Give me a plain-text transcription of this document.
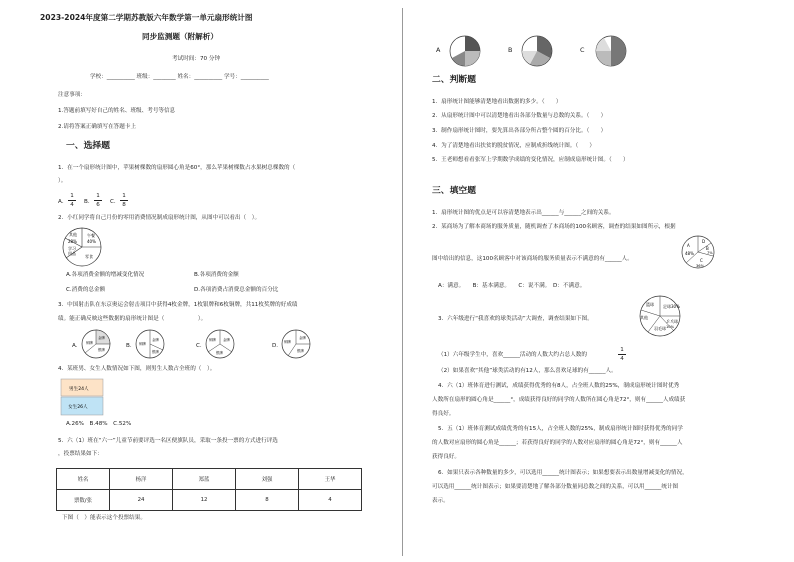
2023-2024年度第二学期苏教版六年数学第一单元扇形统计图
同步监测题（附解析）
考试时间：70 分钟
学校：__________ 班级：________ 姓名：__________ 学号：__________
注意事项：
1.答题前填写好自己的姓名、班级、考号等信息
2.请将答案正确填写在答题卡上
一、选择题
1．在一个扇形统计图中，苹果树棵数的扇形圆心角是60°，那么苹果树棵数占水果树总棵数的（
）。
A．
1
4	B．
1
6	C．
1
8
2．小红同学将自己月份的零用消费情况制成扇形统计图，从图中可以看出（　）。
其他	午餐
28%	40%
学习
用品
零食
A.各项消费金额的增减变化情况	B.各项消费的金额
C.消费的总金额	D.各项消费占消费总金额的百分比
3．中国射击队在东京奥运会射击项目中获得4枚金牌，1枚银牌和6枚铜牌，共11枚奖牌的好成绩
绩。能正确反映这些数据的扇形统计图是（　　　　　　）。
A.
金牌
铜牌
银牌
B. 铜牌
金牌
银牌
C.
铜牌 金牌
银牌
D.
铜牌
金牌
银牌
4．某班男、女生人数情况如下图，则男生人数占全班的（　）。
男生24人
女生26人
A.26%　B.48%　C.52%
5．六（1）班在“六一”儿童节前要评选一名区便旗队员，采取一条投一票的方式进行评选
，投票结果如下：
姓名	杨洋	郑蓝	刘强	王华
票数/张	24	12	8	4
下图（　）能表示这个投票结果。
A	B	C
二、判断题
1．扇形统计图能够清楚地看出数据的多少。（　　）
2．从扇形统计图中可以清楚地看出各部分数量与总数的关系。（　　）
3．制作扇形统计图时，要先算出各部分所占整个圆的百分比。（　　）
4．为了清楚地看出扶贫的脱贫情况，应制成折线统计图。（　　）
5．王老师想看看张军上学期数学成绩的变化情况，应制成扇形统计图。（　　）
三、填空题
1．扇形统计图的优点是可以容清楚地表示出______与______之间的关系。
2．某商场为了解本商场的服务质量，随机调查了本商场的100名顾客，调查的结果如图所示，根据
A
D
48%
B
C
7%
36%
图中给出的信息，这100名顾客中对该商场的服务质量表示不满意的有______人。
A：满意。　　B：基本满意。　　C：说不满。　D：不满意。
3．六年级进行“我喜欢的球类活动”大调查，调查结果如下图。
篮球 足球30%
其他
乒乓球
羽毛球 10%
（1）六年级学生中，喜欢______活动的人数大约占总人数的
1
4
（2）如果喜欢“其他”球类活动的有12人，那么喜欢足球的有______人。
4．六（1）班体育进行测试，成绩获得优秀的有8人，占全班人数的25%，制成扇形统计图时优秀
人数所在扇形的圆心角是______°，成绩获得良好的同学的人数所在圆心角是72°，则有______人成绩获
得良好。
5．五（1）班体育测试成绩优秀的有15人，占全班人数的25%，制成扇形统计图时获得优秀的同学
的人数对应扇形的圆心角是______；若获得良好的同学的人数对应扇形的圆心角是72°，则有______人
获得良好。
6．如果只表示各种数量的多少，可以选用______统计图表示；如果想要表示出数量增减变化的情况，
可以选用______统计图表示；如果要清楚地了解各部分数量同总数之间的关系，可以用______统计图
表示。
